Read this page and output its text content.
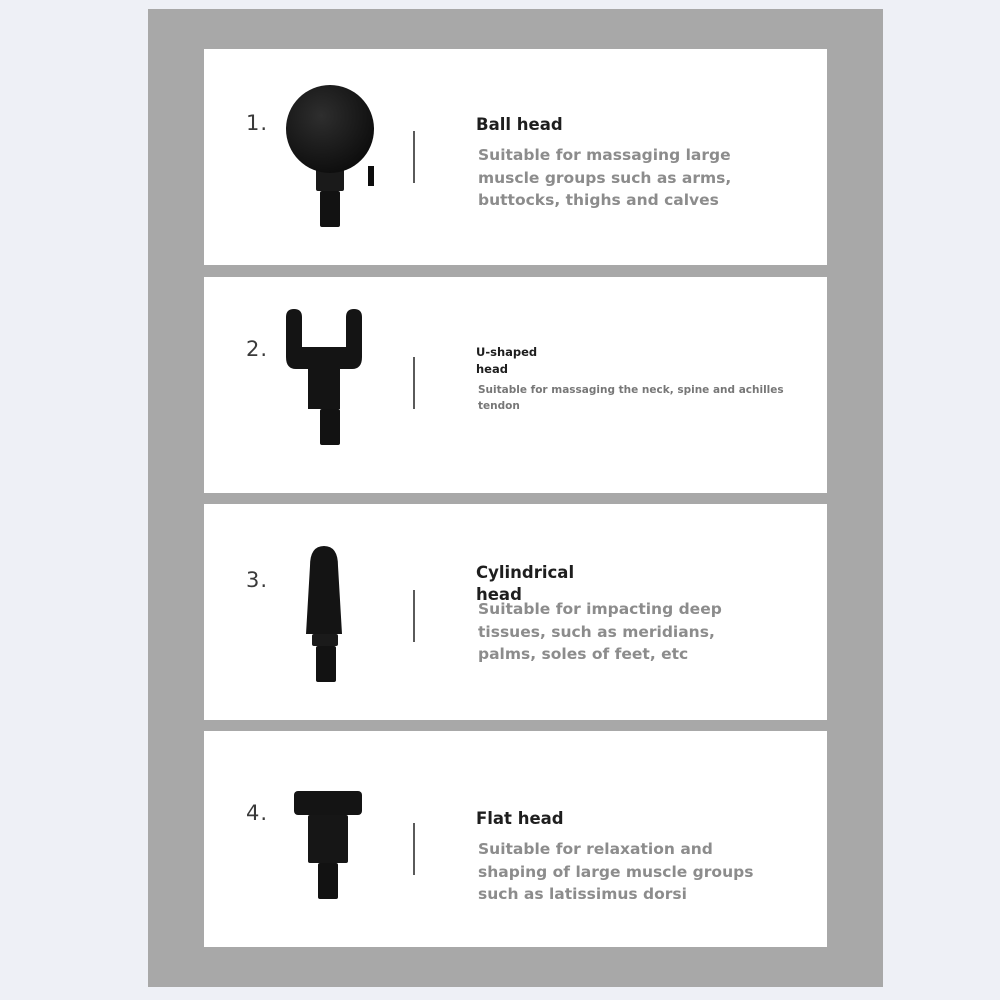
1.	Ball head

Suitable for massaging large muscle groups such as arms, buttocks, thighs and calves

2.	U-shaped head

Suitable for massaging the neck, spine and achilles tendon

3.	Cylindrical head

Suitable for impacting deep tissues, such as meridians, palms, soles of feet, etc

4.	Flat head

Suitable for relaxation and shaping of large muscle groups such as latissimus dorsi
